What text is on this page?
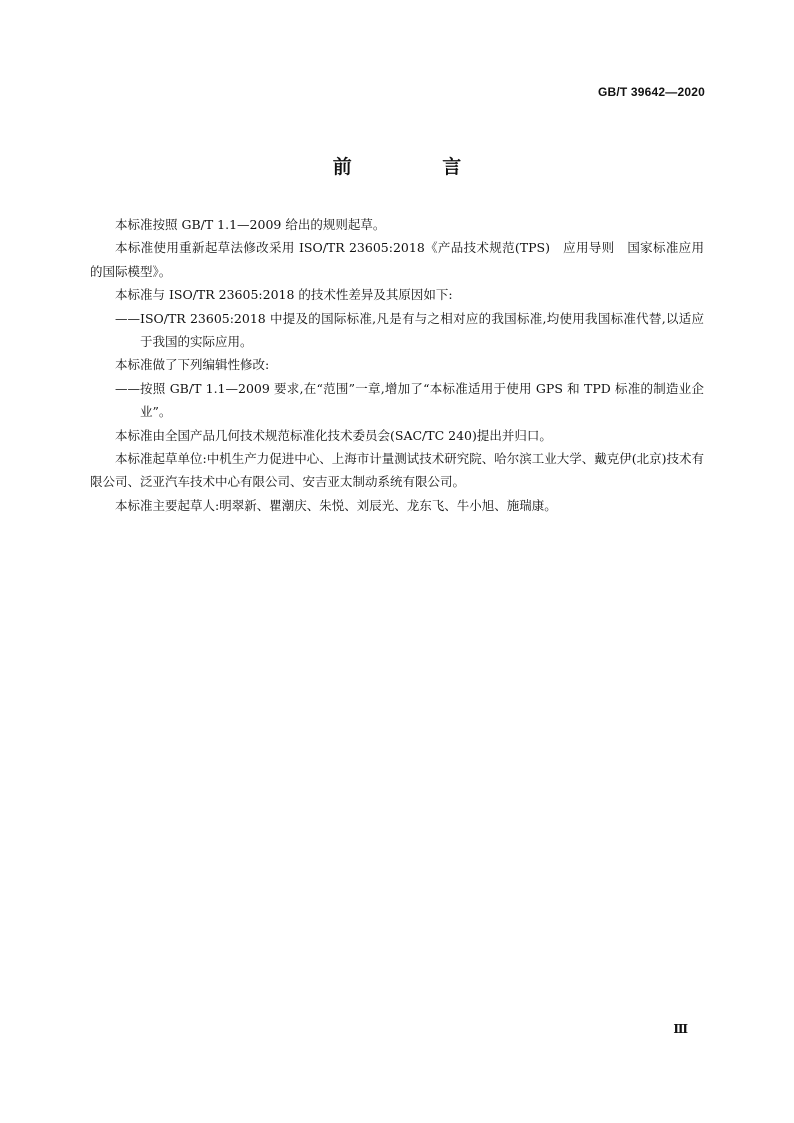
GB/T 39642—2020
前 言

本标准按照 GB/T 1.1—2009 给出的规则起草。

本标准使用重新起草法修改采用 ISO/TR 23605:2018《产品技术规范(TPS)　应用导则　国家标准应用的国际模型》。

本标准与 ISO/TR 23605:2018 的技术性差异及其原因如下:

—— ISO/TR 23605:2018 中提及的国际标准,凡是有与之相对应的我国标准,均使用我国标准代替,以适应于我国的实际应用。

本标准做了下列编辑性修改:

—— 按照 GB/T 1.1—2009 要求,在“范围”一章,增加了“本标准适用于使用 GPS 和 TPD 标准的制造业企业”。

本标准由全国产品几何技术规范标准化技术委员会(SAC/TC 240)提出并归口。

本标准起草单位:中机生产力促进中心、上海市计量测试技术研究院、哈尔滨工业大学、戴克伊(北京)技术有限公司、泛亚汽车技术中心有限公司、安吉亚太制动系统有限公司。

本标准主要起草人:明翠新、瞿潮庆、朱悦、刘辰光、龙东飞、牛小旭、施瑞康。

Ⅲ
